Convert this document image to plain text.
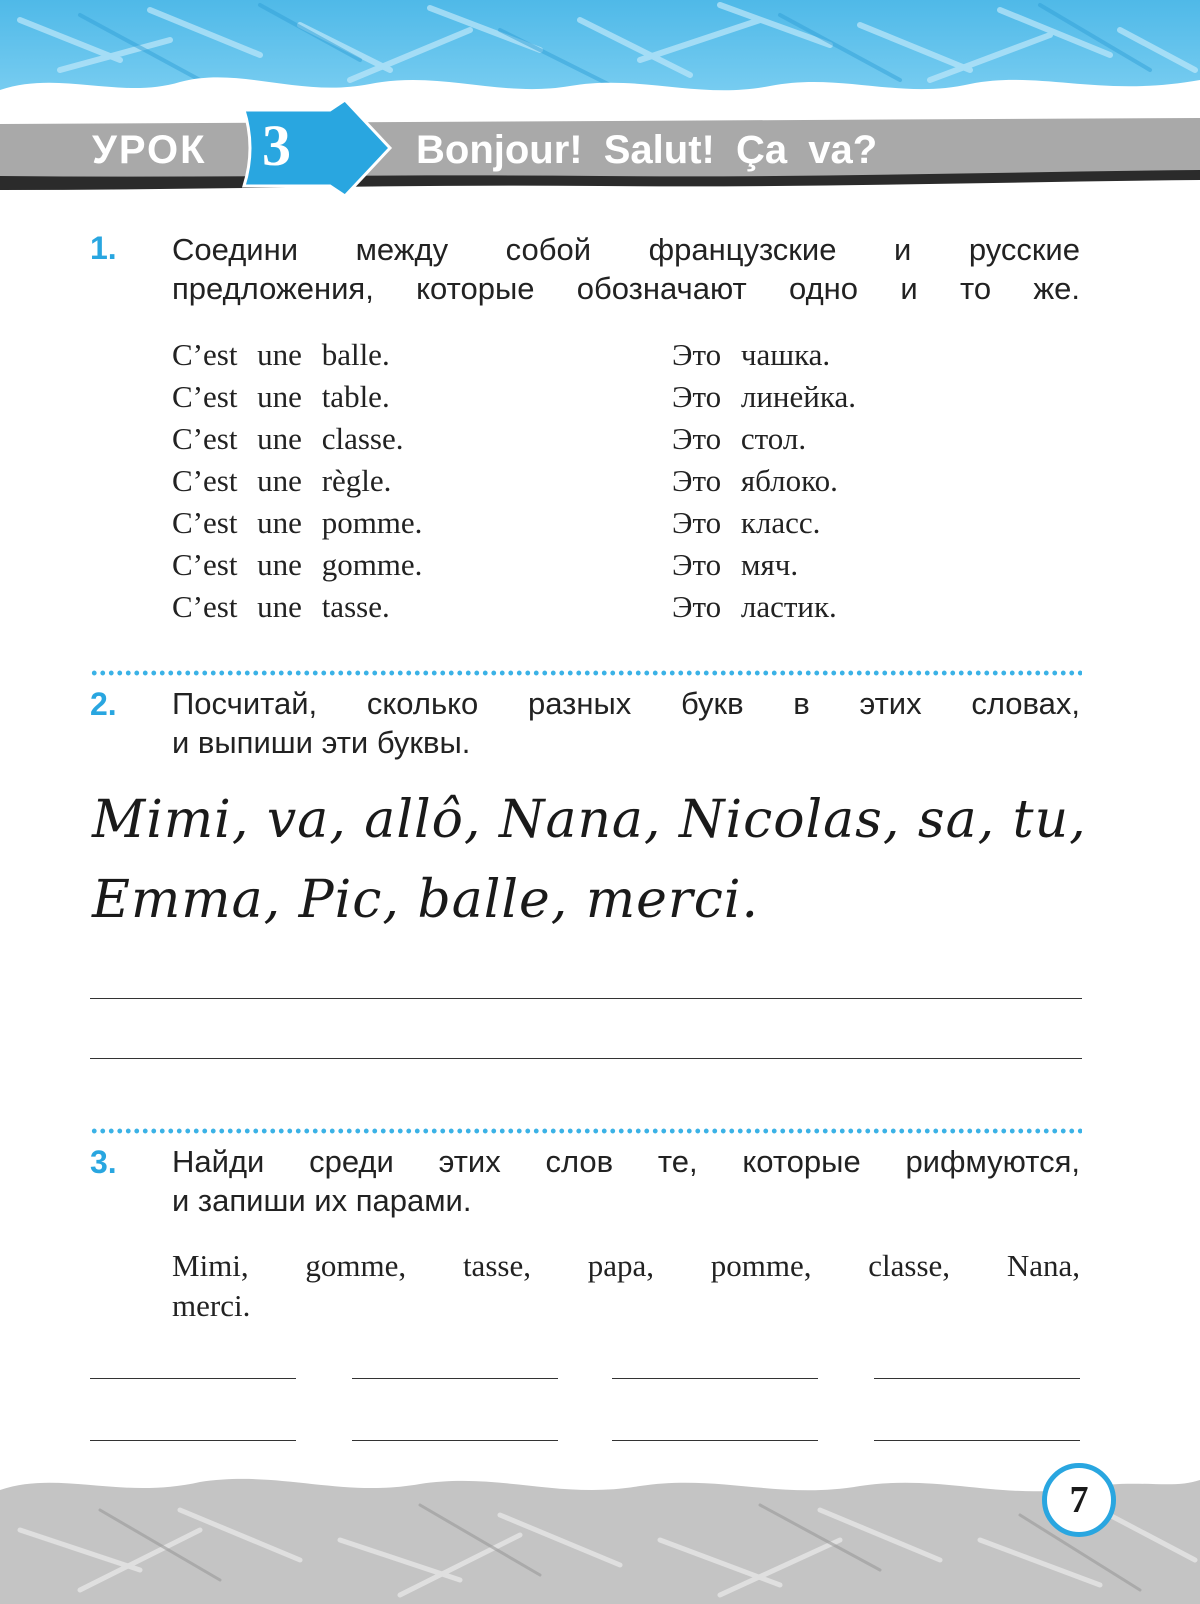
УРОК 3	Bonjour! Salut! Ça va?
1. Соедини между собой французские и русские
предложения, которые обозначают одно и то же.
C’est une balle.
C’est une table.
C’est une classe.
C’est une règle.
C’est une pomme.
C’est une gomme.
C’est une tasse.
Это чашка.
Это линейка.
Это стол.
Это яблоко.
Это класс.
Это мяч.
Это ластик.
2. Посчитай, сколько разных букв в этих словах,
и выпиши эти буквы.
Mimi, va, allô, Nana, Nicolas, sa, tu,
Emma, Pic, balle, merci.
3. Найди среди этих слов те, которые рифмуются,
и запиши их парами.
Mimi, gomme, tasse, papa, pomme, classe, Nana,
merci.
7
